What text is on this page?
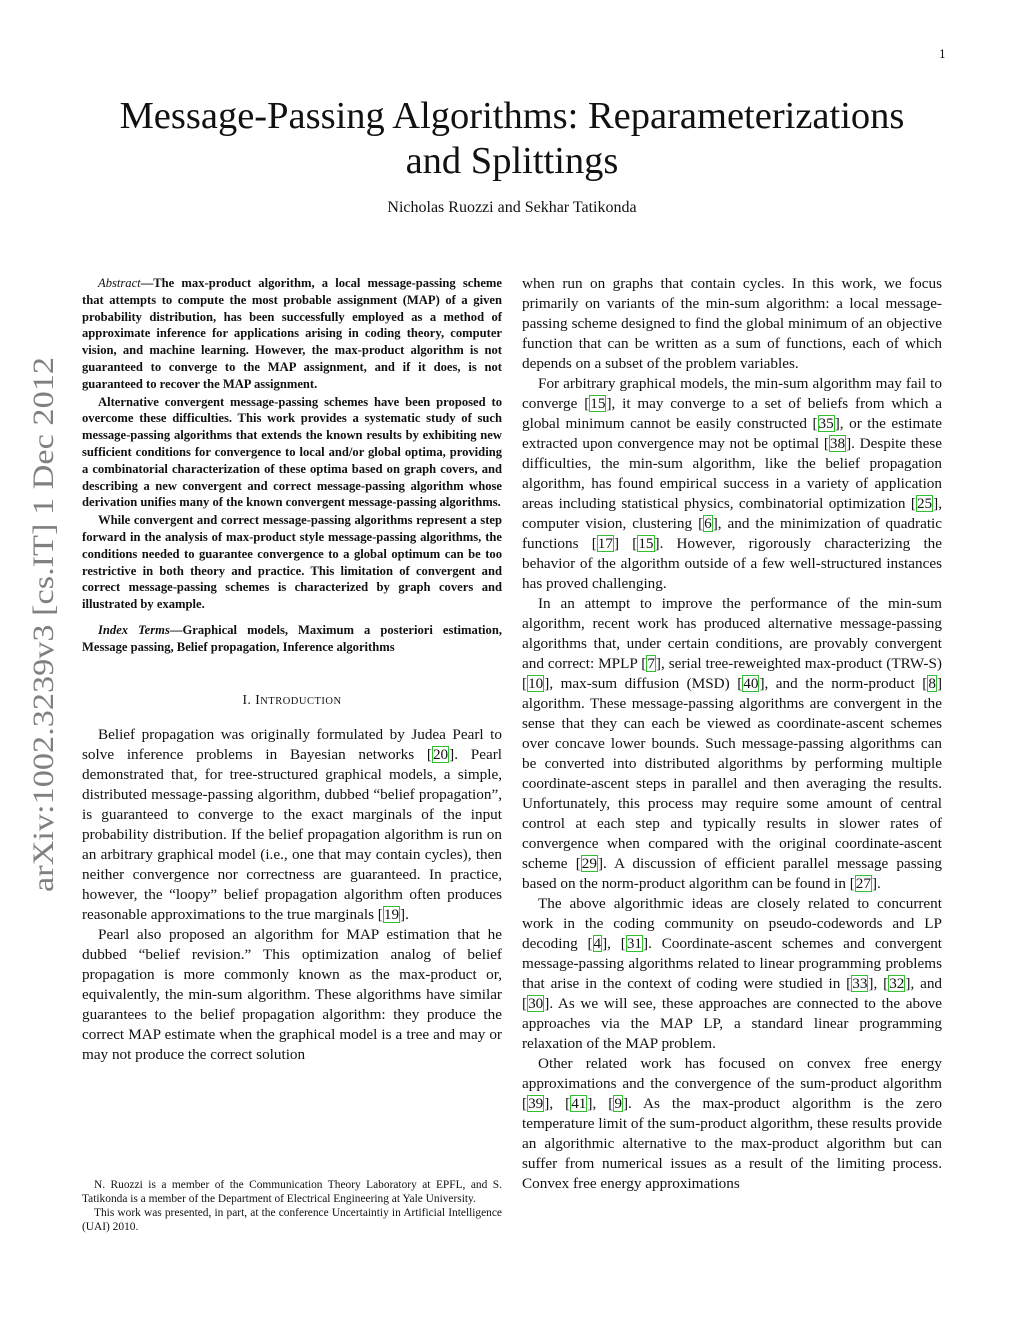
1
arXiv:1002.3239v3 [cs.IT] 1 Dec 2012
Message-Passing Algorithms: Reparameterizations
and Splittings
Nicholas Ruozzi and Sekhar Tatikonda

Abstract—The max-product algorithm, a local message-passing scheme that attempts to compute the most probable assignment (MAP) of a given probability distribution, has been successfully employed as a method of approximate inference for applications arising in coding theory, computer vision, and machine learning. However, the max-product algorithm is not guaranteed to converge to the MAP assignment, and if it does, is not guaranteed to recover the MAP assignment.

Alternative convergent message-passing schemes have been proposed to overcome these difficulties. This work provides a systematic study of such message-passing algorithms that extends the known results by exhibiting new sufficient conditions for convergence to local and/or global optima, providing a combinatorial characterization of these optima based on graph covers, and describing a new convergent and correct message-passing algorithm whose derivation unifies many of the known convergent message-passing algorithms.

While convergent and correct message-passing algorithms represent a step forward in the analysis of max-product style message-passing algorithms, the conditions needed to guarantee convergence to a global optimum can be too restrictive in both theory and practice. This limitation of convergent and correct message-passing schemes is characterized by graph covers and illustrated by example.

Index Terms—Graphical models, Maximum a posteriori estimation, Message passing, Belief propagation, Inference algorithms

I. INTRODUCTION

Belief propagation was originally formulated by Judea Pearl to solve inference problems in Bayesian networks [20]. Pearl demonstrated that, for tree-structured graphical models, a simple, distributed message-passing algorithm, dubbed “belief propagation”, is guaranteed to converge to the exact marginals of the input probability distribution. If the belief propagation algorithm is run on an arbitrary graphical model (i.e., one that may contain cycles), then neither convergence nor correctness are guaranteed. In practice, however, the “loopy” belief propagation algorithm often produces reasonable approximations to the true marginals [19].

Pearl also proposed an algorithm for MAP estimation that he dubbed “belief revision.” This optimization analog of belief propagation is more commonly known as the max-product or, equivalently, the min-sum algorithm. These algorithms have similar guarantees to the belief propagation algorithm: they produce the correct MAP estimate when the graphical model is a tree and may or may not produce the correct solution

N. Ruozzi is a member of the Communication Theory Laboratory at EPFL, and S. Tatikonda is a member of the Department of Electrical Engineering at Yale University.

This work was presented, in part, at the conference Uncertaintiy in Artificial Intelligence (UAI) 2010.

when run on graphs that contain cycles. In this work, we focus primarily on variants of the min-sum algorithm: a local message-passing scheme designed to find the global minimum of an objective function that can be written as a sum of functions, each of which depends on a subset of the problem variables.

For arbitrary graphical models, the min-sum algorithm may fail to converge [15], it may converge to a set of beliefs from which a global minimum cannot be easily constructed [35], or the estimate extracted upon convergence may not be optimal [38]. Despite these difficulties, the min-sum algorithm, like the belief propagation algorithm, has found empirical success in a variety of application areas including statistical physics, combinatorial optimization [25], computer vision, clustering [6], and the minimization of quadratic functions [17] [15]. However, rigorously characterizing the behavior of the algorithm outside of a few well-structured instances has proved challenging.

In an attempt to improve the performance of the min-sum algorithm, recent work has produced alternative message-passing algorithms that, under certain conditions, are provably convergent and correct: MPLP [7], serial tree-reweighted max-product (TRW-S) [10], max-sum diffusion (MSD) [40], and the norm-product [8] algorithm. These message-passing algorithms are convergent in the sense that they can each be viewed as coordinate-ascent schemes over concave lower bounds. Such message-passing algorithms can be converted into distributed algorithms by performing multiple coordinate-ascent steps in parallel and then averaging the results. Unfortunately, this process may require some amount of central control at each step and typically results in slower rates of convergence when compared with the original coordinate-ascent scheme [29]. A discussion of efficient parallel message passing based on the norm-product algorithm can be found in [27].

The above algorithmic ideas are closely related to concurrent work in the coding community on pseudo-codewords and LP decoding [4], [31]. Coordinate-ascent schemes and convergent message-passing algorithms related to linear programming problems that arise in the context of coding were studied in [33], [32], and [30]. As we will see, these approaches are connected to the above approaches via the MAP LP, a standard linear programming relaxation of the MAP problem.

Other related work has focused on convex free energy approximations and the convergence of the sum-product algorithm [39], [41], [9]. As the max-product algorithm is the zero temperature limit of the sum-product algorithm, these results provide an algorithmic alternative to the max-product algorithm but can suffer from numerical issues as a result of the limiting process. Convex free energy approximations
